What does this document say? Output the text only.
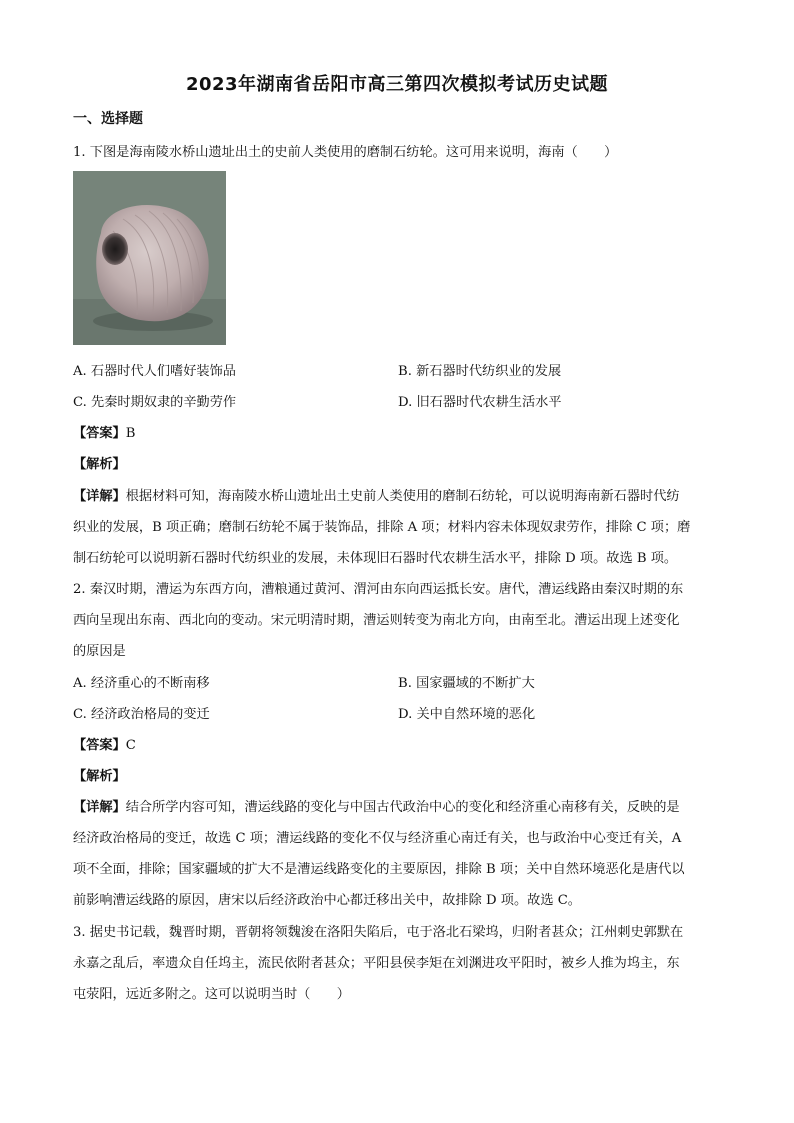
2023年湖南省岳阳市高三第四次模拟考试历史试题
一、选择题
1. 下图是海南陵水桥山遗址出土的史前人类使用的磨制石纺轮。这可用来说明，海南（　　）
A. 石器时代人们嗜好装饰品	B. 新石器时代纺织业的发展
C. 先秦时期奴隶的辛勤劳作	D. 旧石器时代农耕生活水平
【答案】B
【解析】
【详解】根据材料可知，海南陵水桥山遗址出土史前人类使用的磨制石纺轮，可以说明海南新石器时代纺
织业的发展，B 项正确；磨制石纺轮不属于装饰品，排除 A 项；材料内容未体现奴隶劳作，排除 C 项；磨
制石纺轮可以说明新石器时代纺织业的发展，未体现旧石器时代农耕生活水平，排除 D 项。故选 B 项。
2. 秦汉时期，漕运为东西方向，漕粮通过黄河、渭河由东向西运抵长安。唐代，漕运线路由秦汉时期的东
西向呈现出东南、西北向的变动。宋元明清时期，漕运则转变为南北方向，由南至北。漕运出现上述变化
的原因是
A. 经济重心的不断南移	B. 国家疆域的不断扩大
C. 经济政治格局的变迁	D. 关中自然环境的恶化
【答案】C
【解析】
【详解】结合所学内容可知，漕运线路的变化与中国古代政治中心的变化和经济重心南移有关，反映的是
经济政治格局的变迁，故选 C 项；漕运线路的变化不仅与经济重心南迁有关，也与政治中心变迁有关，A
项不全面，排除；国家疆域的扩大不是漕运线路变化的主要原因，排除 B 项；关中自然环境恶化是唐代以
前影响漕运线路的原因，唐宋以后经济政治中心都迁移出关中，故排除 D 项。故选 C。
3. 据史书记载，魏晋时期，晋朝将领魏浚在洛阳失陷后，屯于洛北石梁坞，归附者甚众；江州刺史郭默在
永嘉之乱后，率遗众自任坞主，流民依附者甚众；平阳县侯李矩在刘渊进攻平阳时，被乡人推为坞主，东
屯荥阳，远近多附之。这可以说明当时（　　）
